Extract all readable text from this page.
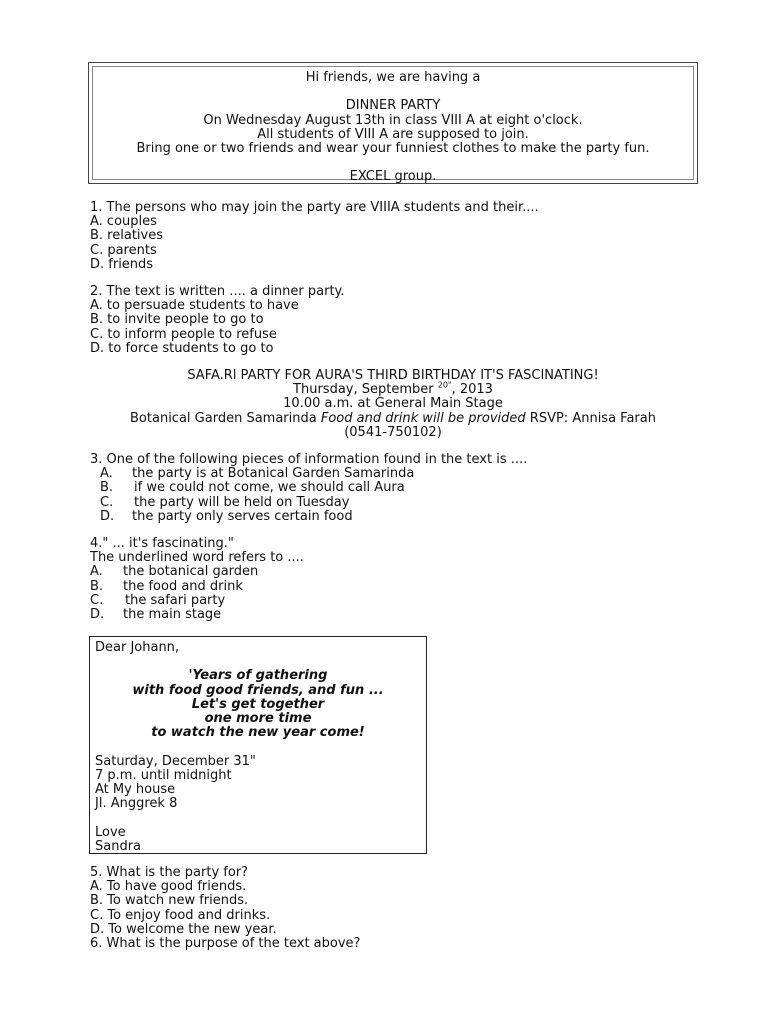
Hi friends, we are having a
DINNER PARTY
On Wednesday August 13th in class VIII A at eight o'clock.
All students of VIII A are supposed to join.
Bring one or two friends and wear your funniest clothes to make the party fun.
EXCEL group.
1. The persons who may join the party are VIIIA students and their....
A. couples
B. relatives
C. parents
D. friends
2. The text is written .... a dinner party.
A. to persuade students to have
B. to invite people to go to
C. to inform people to refuse
D. to force students to go to
SAFA.Rl PARTY FOR AURA'S THIRD BIRTHDAY IT'S FASCINATING!
Thursday, September $^{20"}$, 2013
10.00 a.m. at General Main Stage
Botanical Garden Samarinda Food and drink will be provided RSVP: Annisa Farah
(0541-750102)
3. One of the following pieces of information found in the text is ....
A.	the party is at Botanical Garden Samarinda
B.	if we could not come, we should call Aura
C.	the party will be held on Tuesday
D.	the party only serves certain food
4." ... it's fascinating."
The underlined word refers to ....
A.	the botanical garden
B.	the food and drink
C.	the safari party
D.	the main stage
Dear Johann,
'Years of gathering
with food good friends, and fun ...
Let's get together
one more time
to watch the new year come!
Saturday, December 31"
7 p.m. until midnight
At My house
Jl. Anggrek 8
Love
Sandra
5. What is the party for?
A. To have good friends.
B. To watch new friends.
C. To enjoy food and drinks.
D. To welcome the new year.
6. What is the purpose of the text above?
